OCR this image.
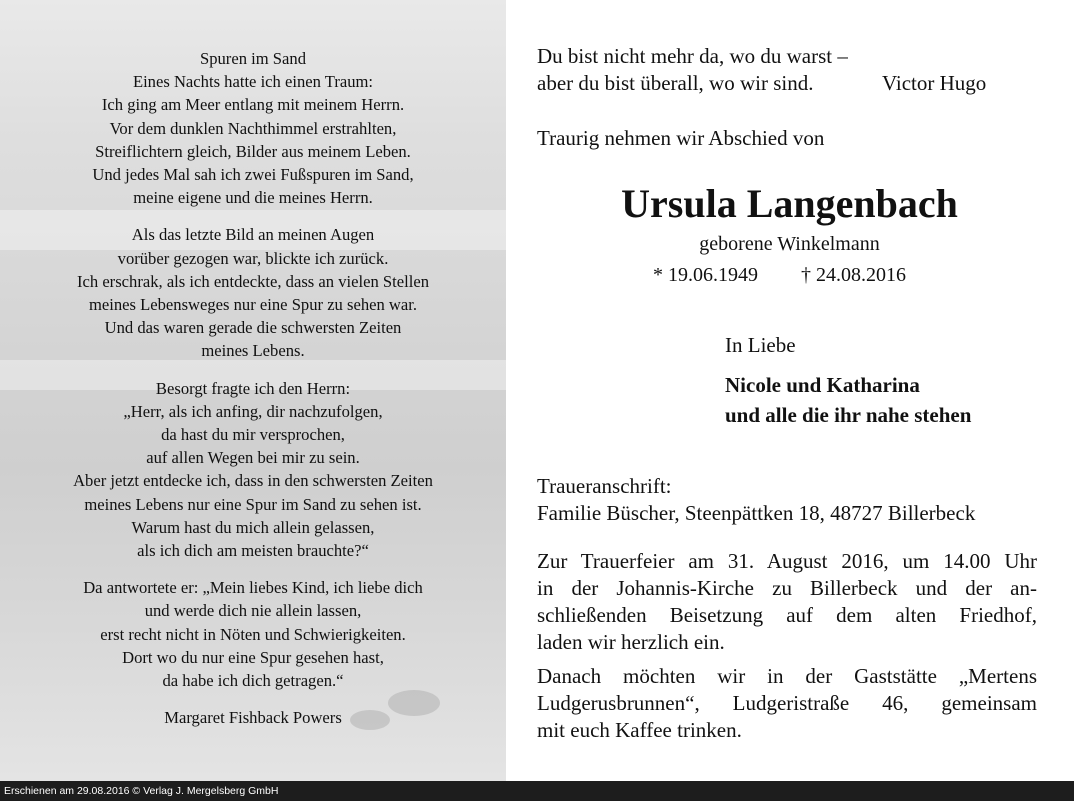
Spuren im Sand
Eines Nachts hatte ich einen Traum:
Ich ging am Meer entlang mit meinem Herrn.
Vor dem dunklen Nachthimmel erstrahlten,
Streiflichtern gleich, Bilder aus meinem Leben.
Und jedes Mal sah ich zwei Fußspuren im Sand,
meine eigene und die meines Herrn.
Als das letzte Bild an meinen Augen
vorüber gezogen war, blickte ich zurück.
Ich erschrak, als ich entdeckte, dass an vielen Stellen
meines Lebensweges nur eine Spur zu sehen war.
Und das waren gerade die schwersten Zeiten
meines Lebens.
Besorgt fragte ich den Herrn:
„Herr, als ich anfing, dir nachzufolgen,
da hast du mir versprochen,
auf allen Wegen bei mir zu sein.
Aber jetzt entdecke ich, dass in den schwersten Zeiten
meines Lebens nur eine Spur im Sand zu sehen ist.
Warum hast du mich allein gelassen,
als ich dich am meisten brauchte?“
Da antwortete er: „Mein liebes Kind, ich liebe dich
und werde dich nie allein lassen,
erst recht nicht in Nöten und Schwierigkeiten.
Dort wo du nur eine Spur gesehen hast,
da habe ich dich getragen.“
Margaret Fishback Powers
Du bist nicht mehr da, wo du warst –
aber du bist überall, wo wir sind.	Victor Hugo
Traurig nehmen wir Abschied von
Ursula Langenbach
geborene Winkelmann
* 19.06.1949 † 24.08.2016
In Liebe
Nicole und Katharina
und alle die ihr nahe stehen
Traueranschrift:
Familie Büscher, Steenpättken 18, 48727 Billerbeck
Zur Trauerfeier am 31. August 2016, um 14.00 Uhr
in der Johannis-Kirche zu Billerbeck und der an-
schließenden Beisetzung auf dem alten Friedhof,
laden wir herzlich ein.
Danach möchten wir in der Gaststätte „Mertens
Ludgerusbrunnen“, Ludgeristraße 46, gemeinsam
mit euch Kaffee trinken.
Erschienen am 29.08.2016 © Verlag J. Mergelsberg GmbH
